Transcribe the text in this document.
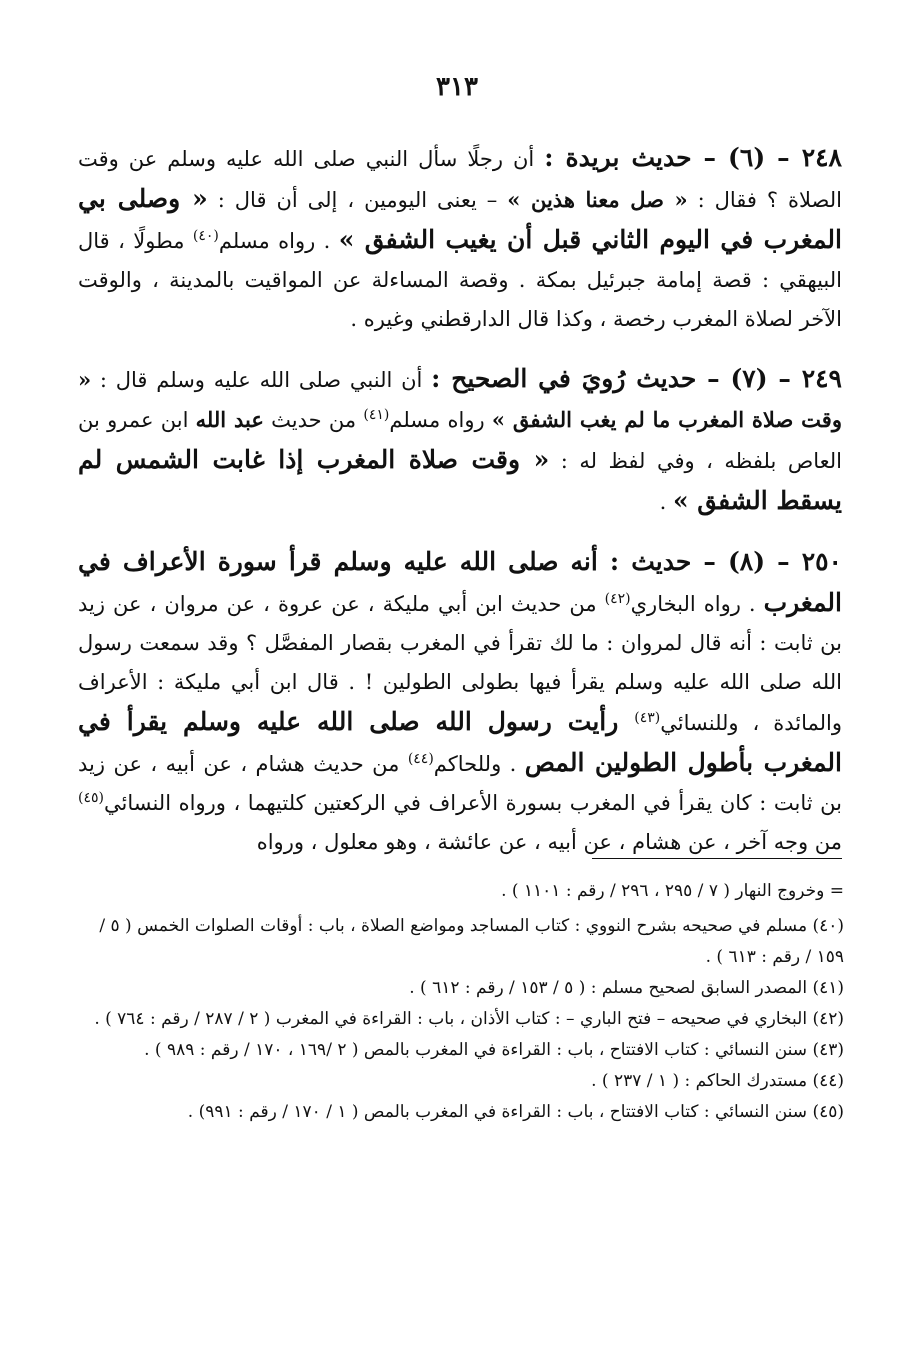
٣١٣

٢٤٨ – (٦) – حديث بريدة : أن رجلًا سأل النبي صلى الله عليه وسلم عن وقت الصلاة ؟ فقال : « صل معنا هذين » – يعنى اليومين ، إلى أن قال : « وصلى بي المغرب في اليوم الثاني قبل أن يغيب الشفق » . رواه مسلم$^{(٤٠)}$ مطولًا ، قال البيهقي : قصة إمامة جبرئيل بمكة . وقصة المساءلة عن المواقيت بالمدينة ، والوقت الآخر لصلاة المغرب رخصة ، وكذا قال الدارقطني وغيره .

٢٤٩ – (٧) – حديث رُويَ في الصحيح : أن النبي صلى الله عليه وسلم قال : « وقت صلاة المغرب ما لم يغب الشفق » رواه مسلم$^{(٤١)}$ من حديث عبد الله ابن عمرو بن العاص بلفظه ، وفي لفظ له : « وقت صلاة المغرب إذا غابت الشمس لم يسقط الشفق » .

٢٥٠ – (٨) – حديث : أنه صلى الله عليه وسلم قرأ سورة الأعراف في المغرب . رواه البخاري$^{(٤٢)}$ من حديث ابن أبي مليكة ، عن عروة ، عن مروان ، عن زيد بن ثابت : أنه قال لمروان : ما لك تقرأ في المغرب بقصار المفصَّل ؟ وقد سمعت رسول الله صلى الله عليه وسلم يقرأ فيها بطولى الطولين ! . قال ابن أبي مليكة : الأعراف والمائدة ، وللنسائي$^{(٤٣)}$ رأيت رسول الله صلى الله عليه وسلم يقرأ في المغرب بأطول الطولين المص . وللحاكم$^{(٤٤)}$ من حديث هشام ، عن أبيه ، عن زيد بن ثابت : كان يقرأ في المغرب بسورة الأعراف في الركعتين كلتيهما ، ورواه النسائي$^{(٤٥)}$ من وجه آخر ، عن هشام ، عن أبيه ، عن عائشة ، وهو معلول ، ورواه

= وخروج النهار ( ٧ / ٢٩٥ ، ٢٩٦ / رقم : ١١٠١ ) .

(٤٠) مسلم في صحيحه بشرح النووي : كتاب المساجد ومواضع الصلاة ، باب : أوقات الصلوات الخمس ( ٥ / ١٥٩ / رقم : ٦١٣ ) .

(٤١) المصدر السابق لصحيح مسلم : ( ٥ / ١٥٣ / رقم : ٦١٢ ) .

(٤٢) البخاري في صحيحه – فتح الباري – : كتاب الأذان ، باب : القراءة في المغرب ( ٢ / ٢٨٧ / رقم : ٧٦٤ ) .

(٤٣) سنن النسائي : كتاب الافتتاح ، باب : القراءة في المغرب بالمص ( ٢ /١٦٩ ، ١٧٠ / رقم : ٩٨٩ ) .

(٤٤) مستدرك الحاكم : ( ١ / ٢٣٧ ) .

(٤٥) سنن النسائي : كتاب الافتتاح ، باب : القراءة في المغرب بالمص ( ١ / ١٧٠ / رقم : ٩٩١) .
